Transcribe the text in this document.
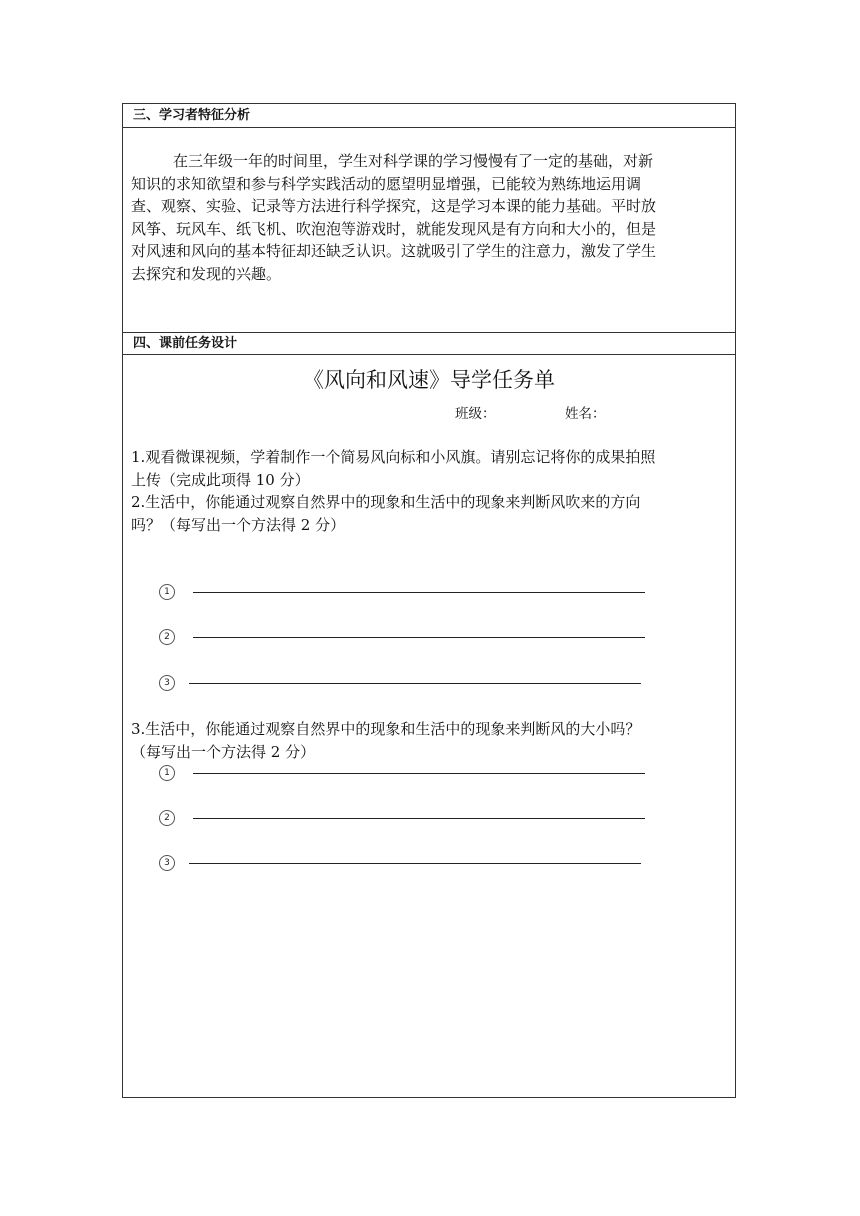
三、学习者特征分析

在三年级一年的时间里，学生对科学课的学习慢慢有了一定的基础，对新
知识的求知欲望和参与科学实践活动的愿望明显增强，已能较为熟练地运用调
查、观察、实验、记录等方法进行科学探究，这是学习本课的能力基础。平时放
风筝、玩风车、纸飞机、吹泡泡等游戏时，就能发现风是有方向和大小的，但是
对风速和风向的基本特征却还缺乏认识。这就吸引了学生的注意力，激发了学生
去探究和发现的兴趣。

四、课前任务设计
《风向和风速》导学任务单
班级：	姓名：

1.观看微课视频，学着制作一个简易风向标和小风旗。请别忘记将你的成果拍照
上传（完成此项得 10 分）

2.生活中，你能通过观察自然界中的现象和生活中的现象来判断风吹来的方向
吗？（每写出一个方法得 2 分）

1
2
3

3.生活中，你能通过观察自然界中的现象和生活中的现象来判断风的大小吗？
（每写出一个方法得 2 分）

1
2
3
